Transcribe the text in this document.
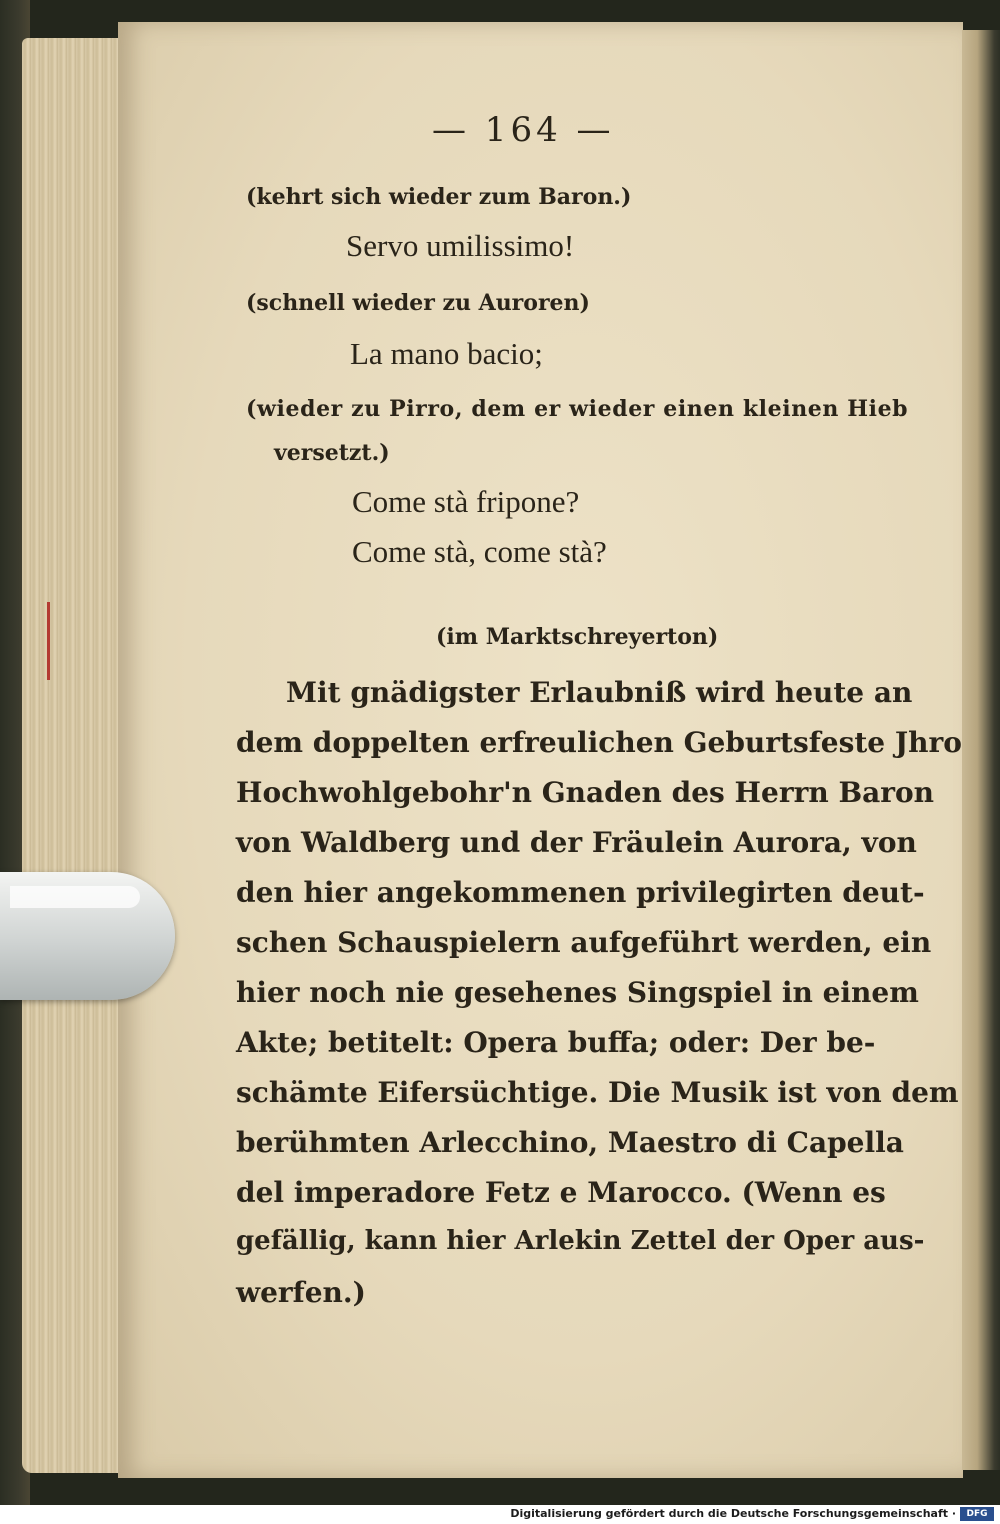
— 164 —
(kehrt sich wieder zum Baron.)
Servo umilissimo!
(schnell wieder zu Auroren)
La mano bacio;
(wieder zu Pirro, dem er wieder einen kleinen Hieb
versetzt.)
Come stà fripone?
Come stà, come stà?
(im Marktschreyerton)
Mit gnädigster Erlaubniß wird heute an
dem doppelten erfreulichen Geburtsfeste Jhro
Hochwohlgebohr'n Gnaden des Herrn Baron
von Waldberg und der Fräulein Aurora, von
den hier angekommenen privilegirten deut-
schen Schauspielern aufgeführt werden, ein
hier noch nie gesehenes Singspiel in einem
Akte; betitelt: Opera buffa; oder: Der be-
schämte Eifersüchtige. Die Musik ist von dem
berühmten Arlecchino, Maestro di Capella
del imperadore Fetz e Marocco. (Wenn es
gefällig, kann hier Arlekin Zettel der Oper aus-
werfen.)
Digitalisierung gefördert durch die Deutsche Forschungsgemeinschaft ·	DFG
